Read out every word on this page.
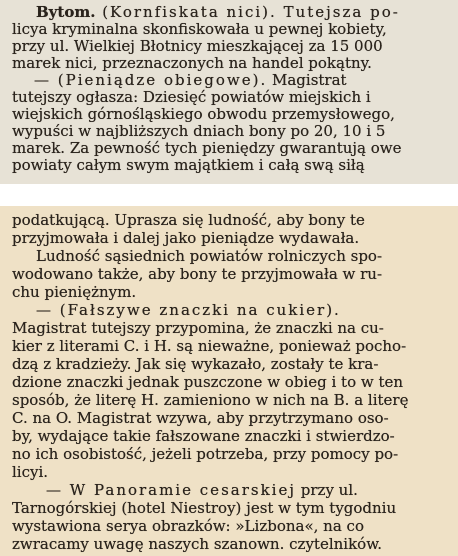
Bytom. (Kornfiskata nici). Tutejsza po-
licya kryminalna skonfiskowała u pewnej kobiety,
przy ul. Wielkiej Błotnicy mieszkającej za 15 000
marek nici, przeznaczonych na handel pokątny.
— (Pieniądze obiegowe). Magistrat
tutejszy ogłasza: Dziesięć powiatów miejskich i
wiejskich górnośląskiego obwodu przemysłowego,
wypuści w najbliższych dniach bony po 20, 10 i 5
marek. Za pewność tych pieniędzy gwarantują owe
powiaty całym swym majątkiem i całą swą siłą
podatkującą. Uprasza się ludność, aby bony te
przyjmowała i dalej jako pieniądze wydawała.
Ludność sąsiednich powiatów rolniczych spo-
wodowano także, aby bony te przyjmowała w ru-
chu pieniężnym.
— (Fałszywe znaczki na cukier).
Magistrat tutejszy przypomina, że znaczki na cu-
kier z literami C. i H. są nieważne, ponieważ pocho-
dzą z kradzieży. Jak się wykazało, zostały te kra-
dzione znaczki jednak puszczone w obieg i to w ten
sposób, że literę H. zamieniono w nich na B. a literę
C. na O. Magistrat wzywa, aby przytrzymano oso-
by, wydające takie fałszowane znaczki i stwierdzo-
no ich osobistość, jeżeli potrzeba, przy pomocy po-
licyi.
— W Panoramie cesarskiej przy ul.
Tarnogórskiej (hotel Niestroy) jest w tym tygodniu
wystawiona serya obrazków: »Lizbona«, na co
zwracamy uwagę naszych szanown. czytelników.
